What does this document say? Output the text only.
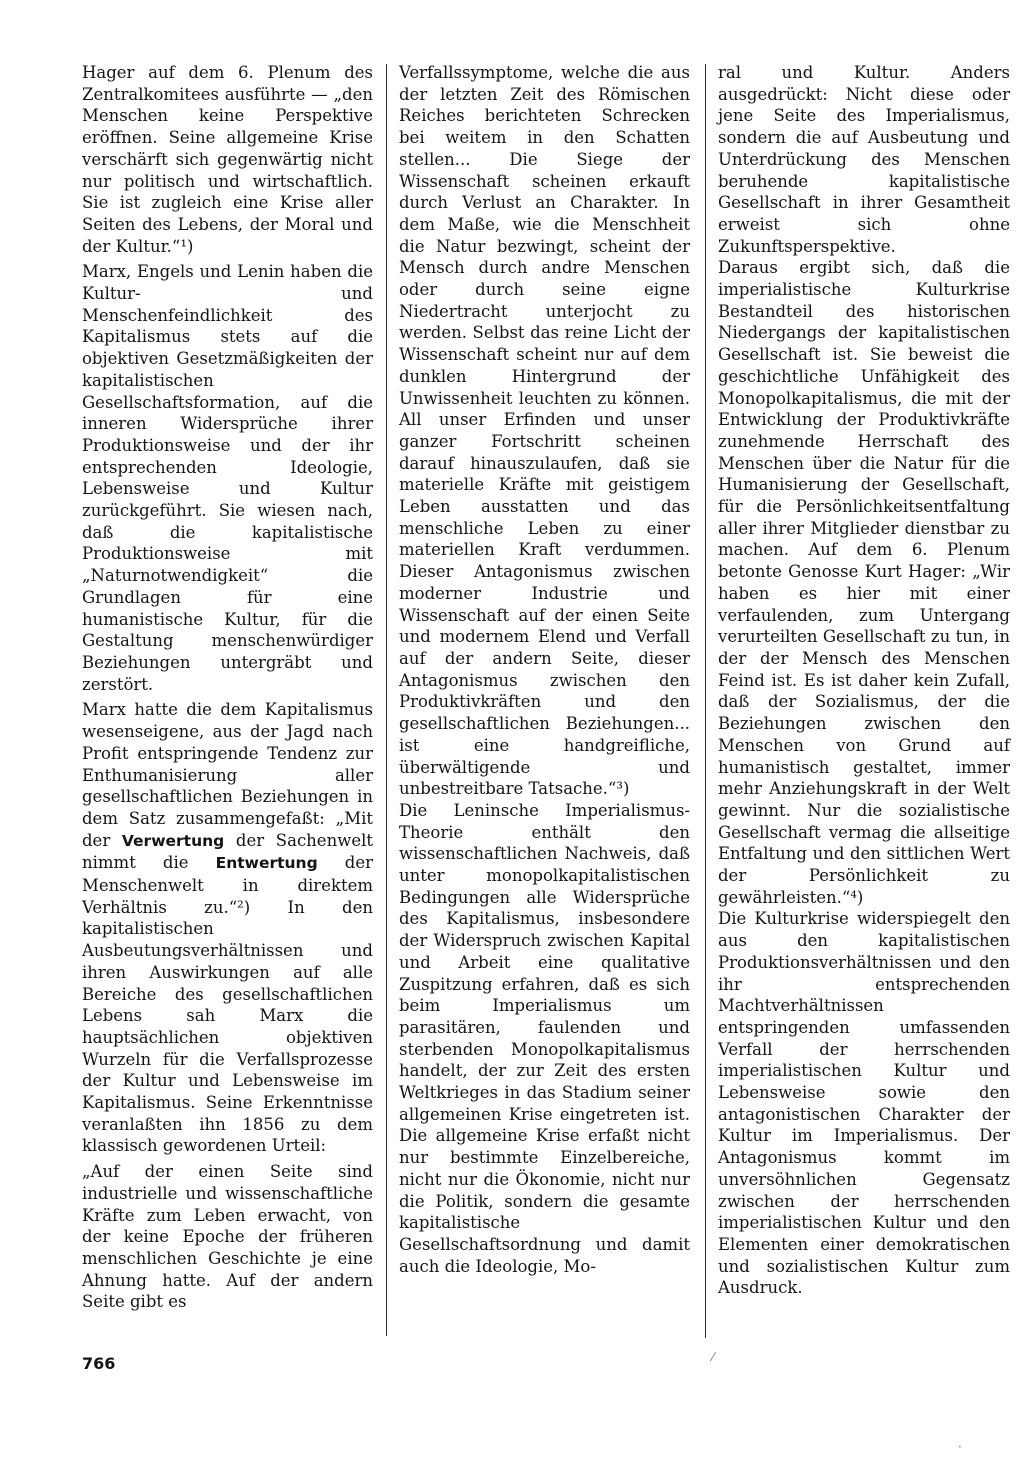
Hager auf dem 6. Plenum des Zentralkomitees ausführte — „den Menschen keine Perspektive eröffnen. Seine allgemeine Krise verschärft sich gegenwärtig nicht nur politisch und wirtschaftlich. Sie ist zugleich eine Krise aller Seiten des Lebens, der Moral und der Kultur.“¹)

Marx, Engels und Lenin haben die Kultur- und Menschenfeindlichkeit des Kapitalismus stets auf die objektiven Gesetzmäßigkeiten der kapitalistischen Gesellschaftsformation, auf die inneren Widersprüche ihrer Produktionsweise und der ihr entsprechenden Ideologie, Lebensweise und Kultur zurückgeführt. Sie wiesen nach, daß die kapitalistische Produktionsweise mit „Naturnotwendigkeit“ die Grundlagen für eine humanistische Kultur, für die Gestaltung menschenwürdiger Beziehungen untergräbt und zerstört.

Marx hatte die dem Kapitalismus wesenseigene, aus der Jagd nach Profit entspringende Tendenz zur Enthumanisierung aller gesellschaftlichen Beziehungen in dem Satz zusammengefaßt: „Mit der Verwertung der Sachenwelt nimmt die Entwertung der Menschenwelt in direktem Verhältnis zu.“²) In den kapitalistischen Ausbeutungsverhältnissen und ihren Auswirkungen auf alle Bereiche des gesellschaftlichen Lebens sah Marx die hauptsächlichen objektiven Wurzeln für die Verfallsprozesse der Kultur und Lebensweise im Kapitalismus. Seine Erkenntnisse veranlaßten ihn 1856 zu dem klassisch gewordenen Urteil:

„Auf der einen Seite sind industrielle und wissenschaftliche Kräfte zum Leben erwacht, von der keine Epoche der früheren menschlichen Geschichte je eine Ahnung hatte. Auf der andern Seite gibt es

Verfallssymptome, welche die aus der letzten Zeit des Römischen Reiches berichteten Schrecken bei weitem in den Schatten stellen... Die Siege der Wissenschaft scheinen erkauft durch Verlust an Charakter. In dem Maße, wie die Menschheit die Natur bezwingt, scheint der Mensch durch andre Menschen oder durch seine eigne Niedertracht unterjocht zu werden. Selbst das reine Licht der Wissenschaft scheint nur auf dem dunklen Hintergrund der Unwissenheit leuchten zu können. All unser Erfinden und unser ganzer Fortschritt scheinen darauf hinauszulaufen, daß sie materielle Kräfte mit geistigem Leben ausstatten und das menschliche Leben zu einer materiellen Kraft verdummen. Dieser Antagonismus zwischen moderner Industrie und Wissenschaft auf der einen Seite und modernem Elend und Verfall auf der andern Seite, dieser Antagonismus zwischen den Produktivkräften und den gesellschaftlichen Beziehungen... ist eine handgreifliche, überwältigende und unbestreitbare Tatsache.“³)

Die Leninsche Imperialismus-Theorie enthält den wissenschaftlichen Nachweis, daß unter monopolkapitalistischen Bedingungen alle Widersprüche des Kapitalismus, insbesondere der Widerspruch zwischen Kapital und Arbeit eine qualitative Zuspitzung erfahren, daß es sich beim Imperialismus um parasitären, faulenden und sterbenden Monopolkapitalismus handelt, der zur Zeit des ersten Weltkrieges in das Stadium seiner allgemeinen Krise eingetreten ist. Die allgemeine Krise erfaßt nicht nur bestimmte Einzelbereiche, nicht nur die Ökonomie, nicht nur die Politik, sondern die gesamte kapitalistische Gesellschaftsordnung und damit auch die Ideologie, Mo-

ral und Kultur. Anders ausgedrückt: Nicht diese oder jene Seite des Imperialismus, sondern die auf Ausbeutung und Unterdrückung des Menschen beruhende kapitalistische Gesellschaft in ihrer Gesamtheit erweist sich ohne Zukunftsperspektive.

Daraus ergibt sich, daß die imperialistische Kulturkrise Bestandteil des historischen Niedergangs der kapitalistischen Gesellschaft ist. Sie beweist die geschichtliche Unfähigkeit des Monopolkapitalismus, die mit der Entwicklung der Produktivkräfte zunehmende Herrschaft des Menschen über die Natur für die Humanisierung der Gesellschaft, für die Persönlichkeitsentfaltung aller ihrer Mitglieder dienstbar zu machen. Auf dem 6. Plenum betonte Genosse Kurt Hager: „Wir haben es hier mit einer verfaulenden, zum Untergang verurteilten Gesellschaft zu tun, in der der Mensch des Menschen Feind ist. Es ist daher kein Zufall, daß der Sozialismus, der die Beziehungen zwischen den Menschen von Grund auf humanistisch gestaltet, immer mehr Anziehungskraft in der Welt gewinnt. Nur die sozialistische Gesellschaft vermag die allseitige Entfaltung und den sittlichen Wert der Persönlichkeit zu gewährleisten.“⁴)

Die Kulturkrise widerspiegelt den aus den kapitalistischen Produktionsverhältnissen und den ihr entsprechenden Machtverhältnissen entspringenden umfassenden Verfall der herrschenden imperialistischen Kultur und Lebensweise sowie den antagonistischen Charakter der Kultur im Imperialismus. Der Antagonismus kommt im unversöhnlichen Gegensatz zwischen der herrschenden imperialistischen Kultur und den Elementen einer demokratischen und sozialistischen Kultur zum Ausdruck.

766	⁄
·
